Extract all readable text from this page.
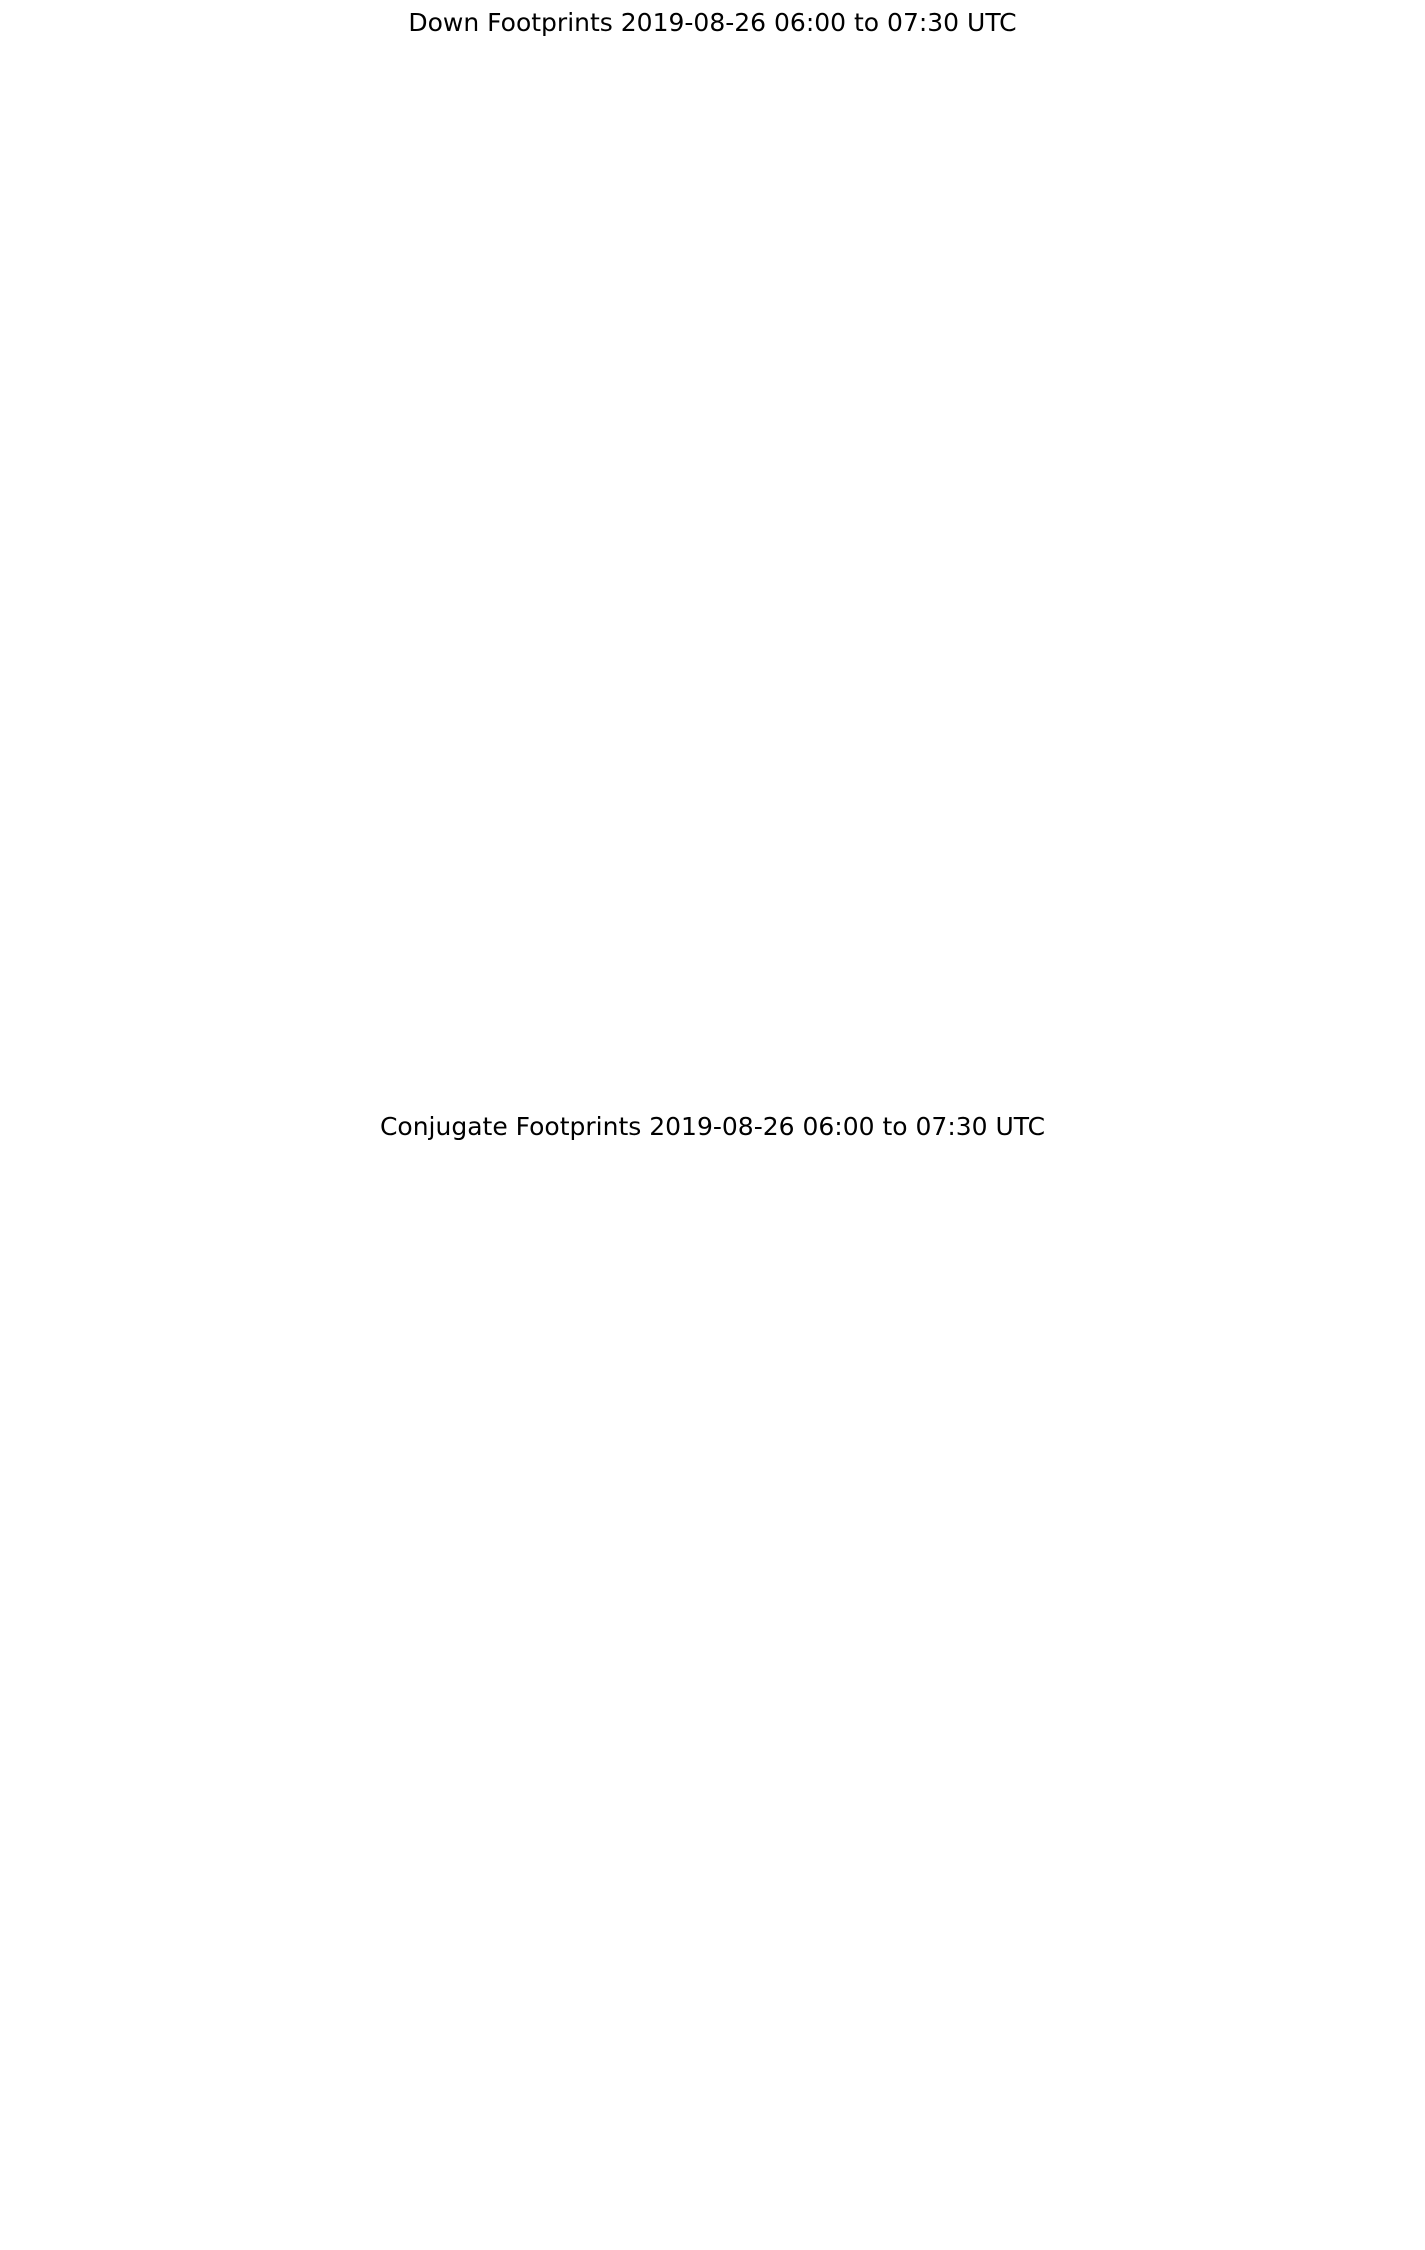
Down Footprints 2019-08-26 06:00 to 07:30 UTC
Conjugate Footprints 2019-08-26 06:00 to 07:30 UTC
